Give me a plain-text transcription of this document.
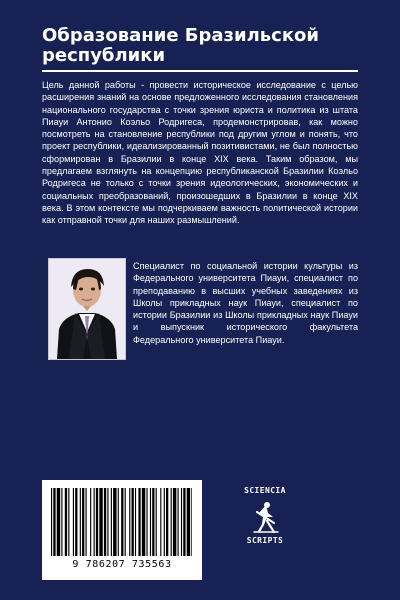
Образование Бразильской республики

Цель данной работы - провести историческое исследование с целью расширения знаний на основе предложенного исследования становления национального государства с точки зрения юриста и политика из штата Пиауи Антонио Коэльо Родригеса, продемонстрировав, как можно посмотреть на становление республики под другим углом и понять, что проект республики, идеализированный позитивистами, не был полностью сформирован в Бразилии в конце XIX века. Таким образом, мы предлагаем взглянуть на концепцию республиканской Бразилии Коэльо Родригеса не только с точки зрения идеологических, экономических и социальных преобразований, произошедших в Бразилии в конце XIX века. В этом контексте мы подчеркиваем важность политической истории как отправной точки для наших размышлений.

Специалист по социальной истории культуры из Федерального университета Пиауи, специалист по преподаванию в высших учебных заведениях из Школы прикладных наук Пиауи, специалист по истории Бразилии из Школы прикладных наук Пиауи и выпускник исторического факультета Федерального университета Пиауи.

9 786207 735563
SCIENCIA
SCRIPTS
